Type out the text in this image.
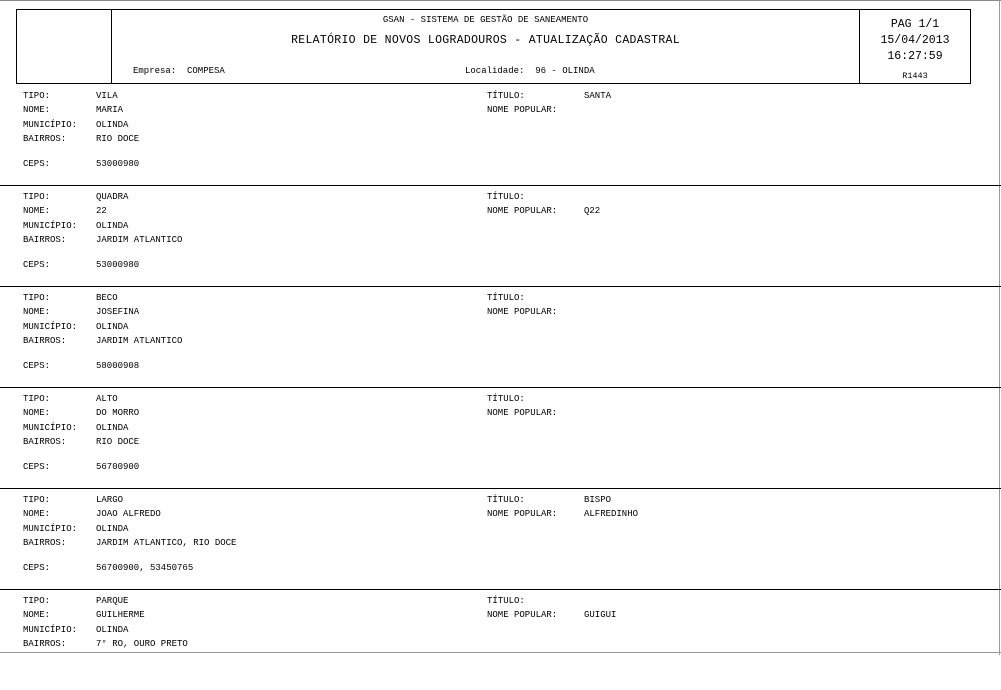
GSAN - SISTEMA DE GESTÃO DE SANEAMENTO
RELATÓRIO DE NOVOS LOGRADOUROS - ATUALIZAÇÃO CADASTRAL
Empresa:  COMPESA	Localidade:  96 - OLINDA
PAG 1/1
15/04/2013
16:27:59
R1443
TIPO:	VILA
NOME:	MARIA
MUNICÍPIO: OLINDA
BAIRROS:	RIO DOCE
CEPS:	53000980
TÍTULO:	SANTA
NOME POPULAR:
TIPO:	QUADRA
NOME:	22
MUNICÍPIO: OLINDA
BAIRROS:	JARDIM ATLANTICO
CEPS:	53000980
TÍTULO:
NOME POPULAR:	Q22
TIPO:	BECO
NOME:	JOSEFINA
MUNICÍPIO: OLINDA
BAIRROS:	JARDIM ATLANTICO
CEPS:	58000908
TÍTULO:
NOME POPULAR:
TIPO:	ALTO
NOME:	DO MORRO
MUNICÍPIO: OLINDA
BAIRROS:	RIO DOCE
CEPS:	56700900
TÍTULO:
NOME POPULAR:
TIPO:	LARGO
NOME:	JOAO ALFREDO
MUNICÍPIO: OLINDA
BAIRROS:	JARDIM ATLANTICO, RIO DOCE
CEPS:	56700900, 53450765
TÍTULO:	BISPO
NOME POPULAR:	ALFREDINHO
TIPO:	PARQUE
NOME:	GUILHERME
MUNICÍPIO: OLINDA
BAIRROS:	7° RO, OURO PRETO
TÍTULO:
NOME POPULAR:	GUIGUI
